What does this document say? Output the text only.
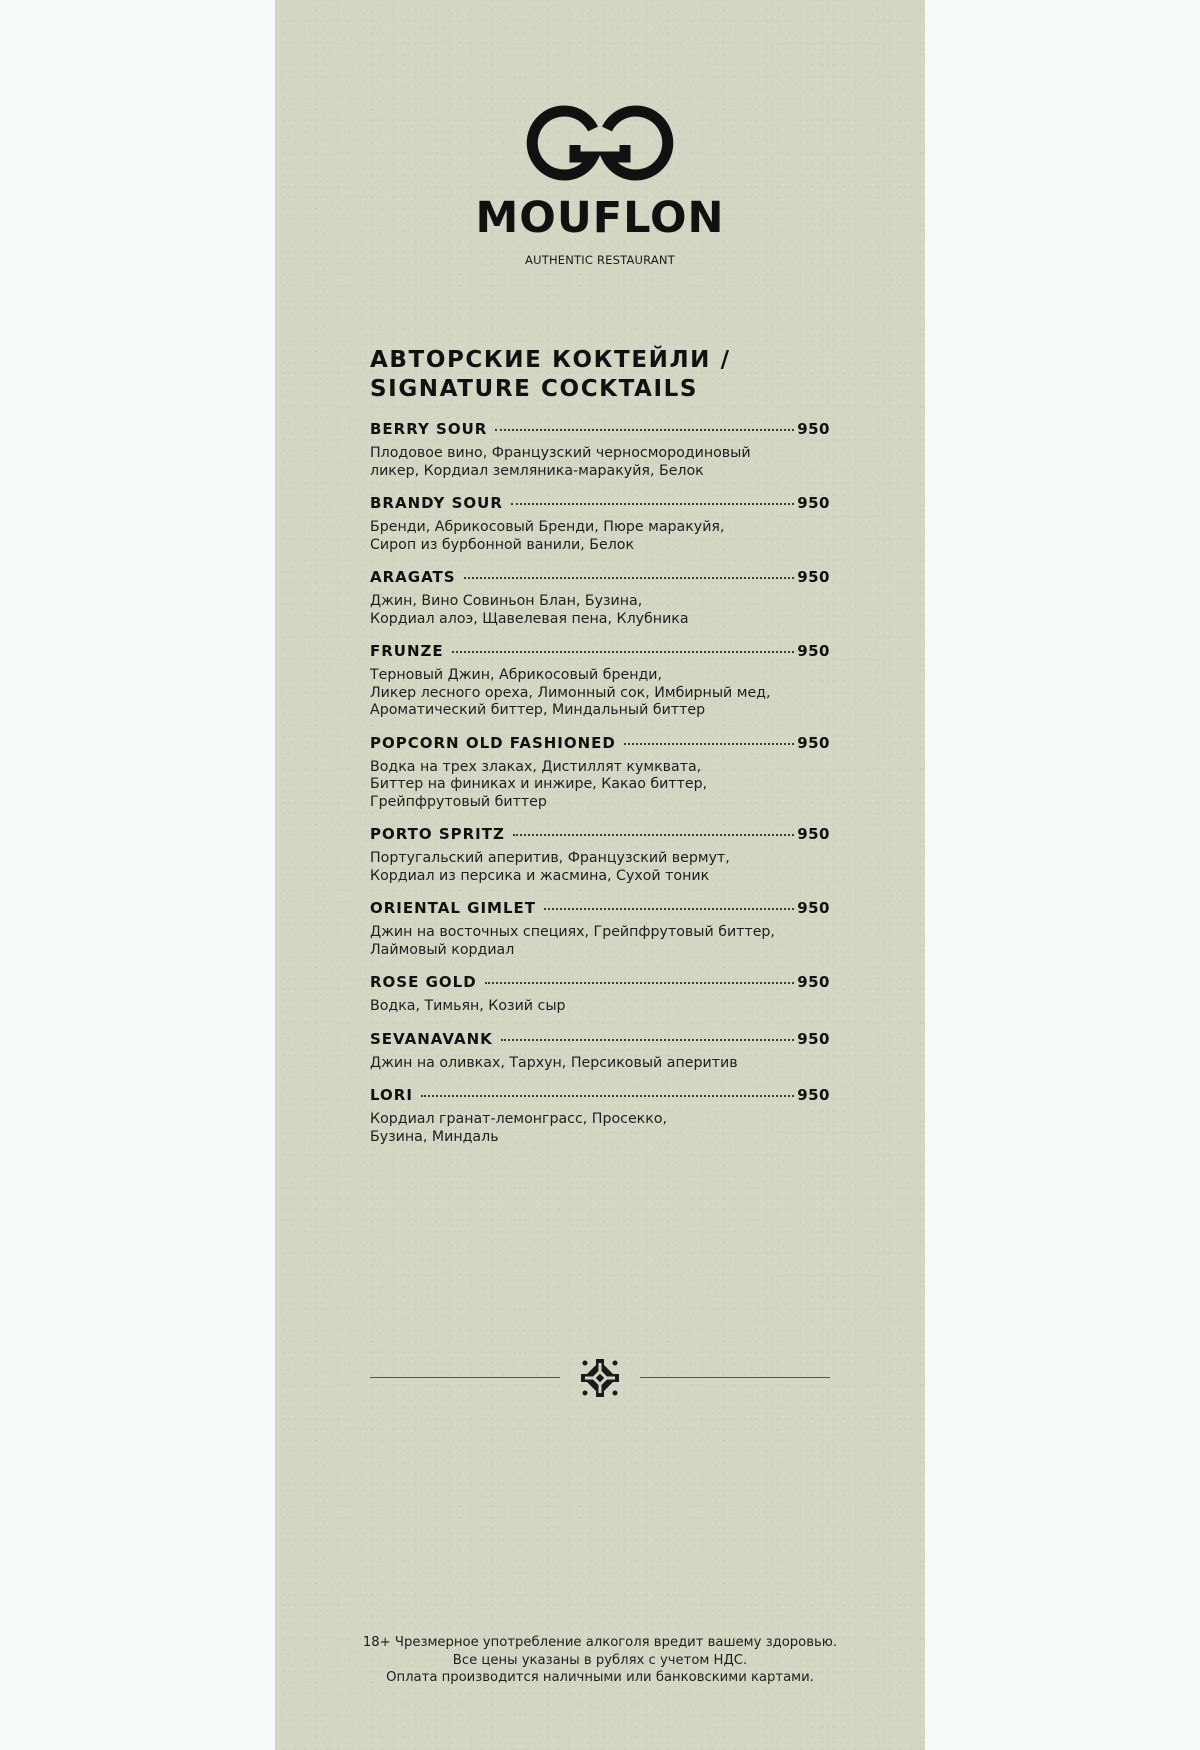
MOUFLON
AUTHENTIC RESTAURANT
АВТОРСКИЕ КОКТЕЙЛИ /
SIGNATURE COCKTAILS
BERRY SOUR	950
Плодовое вино, Французский черносмородиновый
ликер, Кордиал земляника-маракуйя, Белок
BRANDY SOUR	950
Бренди, Абрикосовый Бренди, Пюре маракуйя,
Сироп из бурбонной ванили, Белок
ARAGATS	950
Джин, Вино Совиньон Блан, Бузина,
Кордиал алоэ, Щавелевая пена, Клубника
FRUNZE	950
Терновый Джин, Абрикосовый бренди,
Ликер лесного ореха, Лимонный сок, Имбирный мед,
Ароматический биттер, Миндальный биттер
POPCORN OLD FASHIONED	950
Водка на трех злаках, Дистиллят кумквата,
Биттер на финиках и инжире, Какао биттер,
Грейпфрутовый биттер
PORTO SPRITZ	950
Португальский аперитив, Французский вермут,
Кордиал из персика и жасмина, Сухой тоник
ORIENTAL GIMLET	950
Джин на восточных специях, Грейпфрутовый биттер,
Лаймовый кордиал
ROSE GOLD	950
Водка, Тимьян, Козий сыр
SEVANAVANK	950
Джин на оливках, Тархун, Персиковый аперитив
LORI	950
Кордиал гранат-лемонграсс, Просекко,
Бузина, Миндаль
18+ Чрезмерное употребление алкоголя вредит вашему здоровью.
Все цены указаны в рублях с учетом НДС.
Оплата производится наличными или банковскими картами.
